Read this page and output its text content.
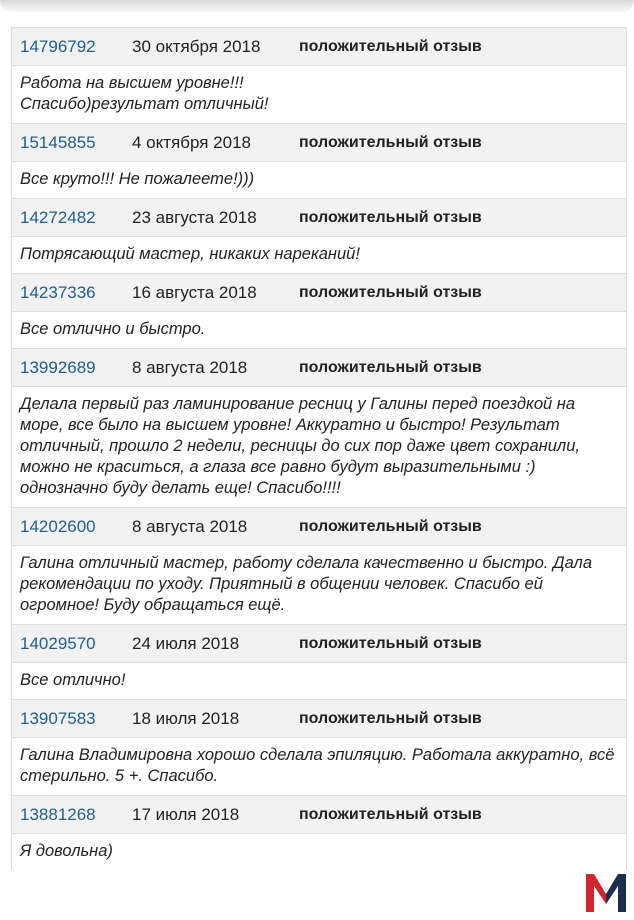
14796792	30 октября 2018	положительный отзыв
Работа на высшем уровне!!!
Спасибо)результат отличный!
15145855	4 октября 2018	положительный отзыв
Все круто!!! Не пожалеете!)))
14272482	23 августа 2018	положительный отзыв
Потрясающий мастер, никаких нареканий!
14237336	16 августа 2018	положительный отзыв
Все отлично и быстро.
13992689	8 августа 2018	положительный отзыв
Делала первый раз ламинирование ресниц у Галины перед поездкой на море, все было на высшем уровне! Аккуратно и быстро! Результат отличный, прошло 2 недели, ресницы до сих пор даже цвет сохранили, можно не краситься, а глаза все равно будут выразительными :) однозначно буду делать еще! Спасибо!!!!
14202600	8 августа 2018	положительный отзыв
Галина отличный мастер, работу сделала качественно и быстро. Дала рекомендации по уходу. Приятный в общении человек. Спасибо ей огромное! Буду обращаться ещё.
14029570	24 июля 2018	положительный отзыв
Все отлично!
13907583	18 июля 2018	положительный отзыв
Галина Владимировна хорошо сделала эпиляцию. Работала аккуратно, всё стерильно. 5 +. Спасибо.
13881268	17 июля 2018	положительный отзыв
Я довольна)
